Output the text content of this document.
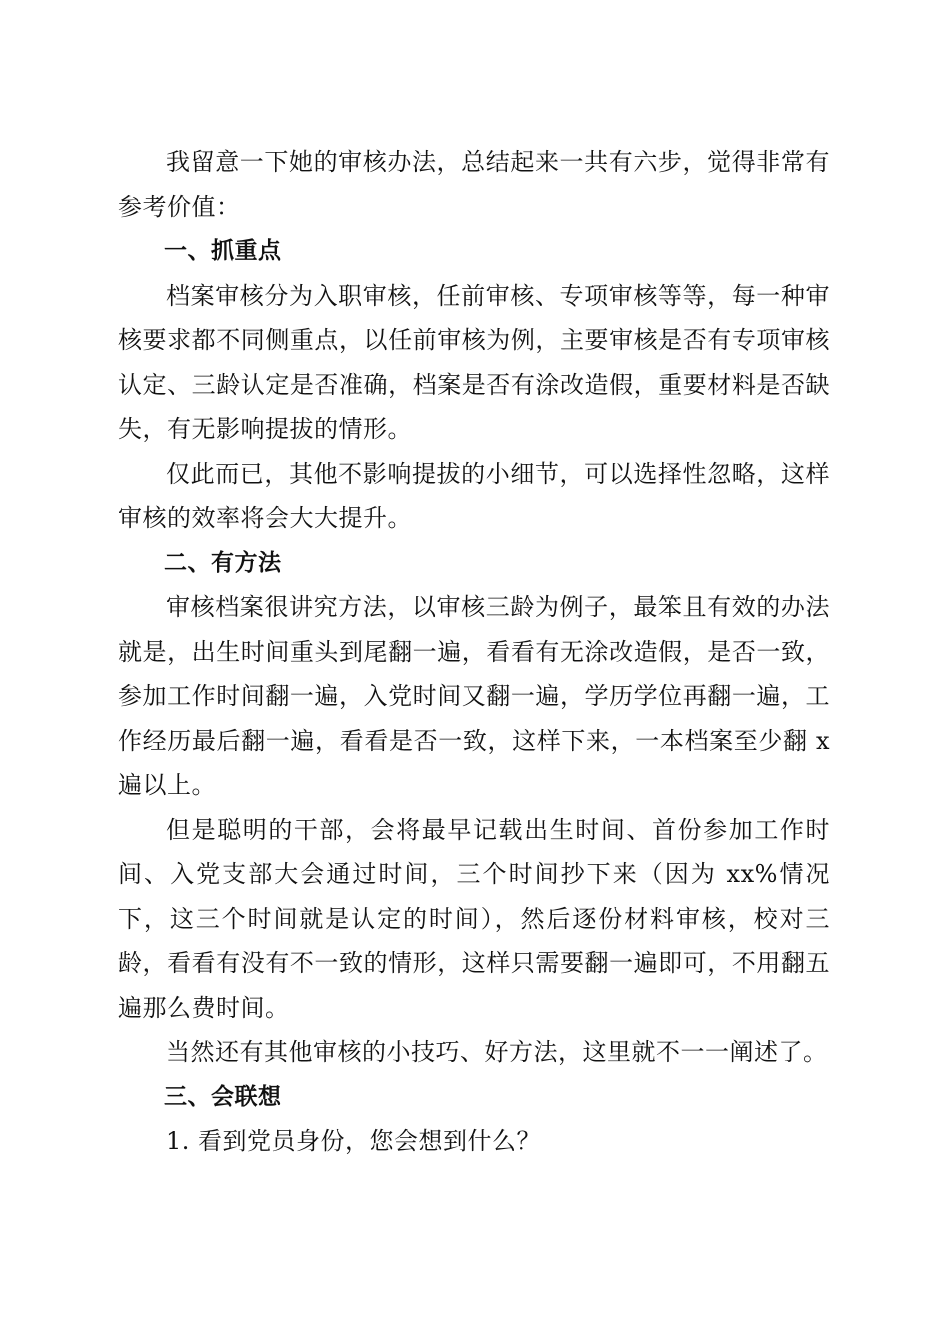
我留意一下她的审核办法，总结起来一共有六步，觉得非常有参考价值：

一、抓重点

档案审核分为入职审核，任前审核、专项审核等等，每一种审核要求都不同侧重点，以任前审核为例，主要审核是否有专项审核认定、三龄认定是否准确，档案是否有涂改造假，重要材料是否缺失，有无影响提拔的情形。

仅此而已，其他不影响提拔的小细节，可以选择性忽略，这样审核的效率将会大大提升。

二、有方法

审核档案很讲究方法，以审核三龄为例子，最笨且有效的办法就是，出生时间重头到尾翻一遍，看看有无涂改造假，是否一致，参加工作时间翻一遍，入党时间又翻一遍，学历学位再翻一遍，工作经历最后翻一遍，看看是否一致，这样下来，一本档案至少翻 x 遍以上。

但是聪明的干部，会将最早记载出生时间、首份参加工作时间、入党支部大会通过时间，三个时间抄下来（因为 xx%情况下，这三个时间就是认定的时间），然后逐份材料审核，校对三龄，看看有没有不一致的情形，这样只需要翻一遍即可，不用翻五遍那么费时间。

当然还有其他审核的小技巧、好方法，这里就不一一阐述了。

三、会联想

1. 看到党员身份，您会想到什么？
